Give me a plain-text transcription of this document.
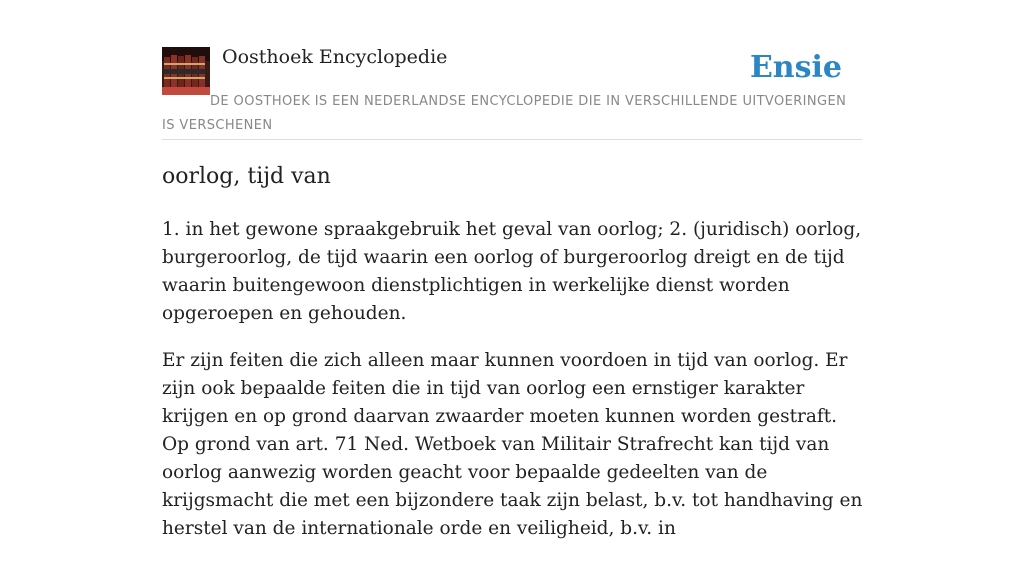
Oosthoek Encyclopedie	Ensie
DE OOSTHOEK IS EEN NEDERLANDSE ENCYCLOPEDIE DIE IN VERSCHILLENDE UITVOERINGEN IS VERSCHENEN
oorlog, tijd van

1. in het gewone spraakgebruik het geval van oorlog; 2. (juridisch) oorlog, burgeroorlog, de tijd waarin een oorlog of burgeroorlog dreigt en de tijd waarin buitengewoon dienstplichtigen in werkelijke dienst worden opgeroepen en gehouden.

Er zijn feiten die zich alleen maar kunnen voordoen in tijd van oorlog. Er zijn ook bepaalde feiten die in tijd van oorlog een ernstiger karakter krijgen en op grond daarvan zwaarder moeten kunnen worden gestraft. Op grond van art. 71 Ned. Wetboek van Militair Strafrecht kan tijd van oorlog aanwezig worden geacht voor bepaalde gedeelten van de krijgsmacht die met een bijzondere taak zijn belast, b.v. tot handhaving en herstel van de internationale orde en veiligheid, b.v. in
